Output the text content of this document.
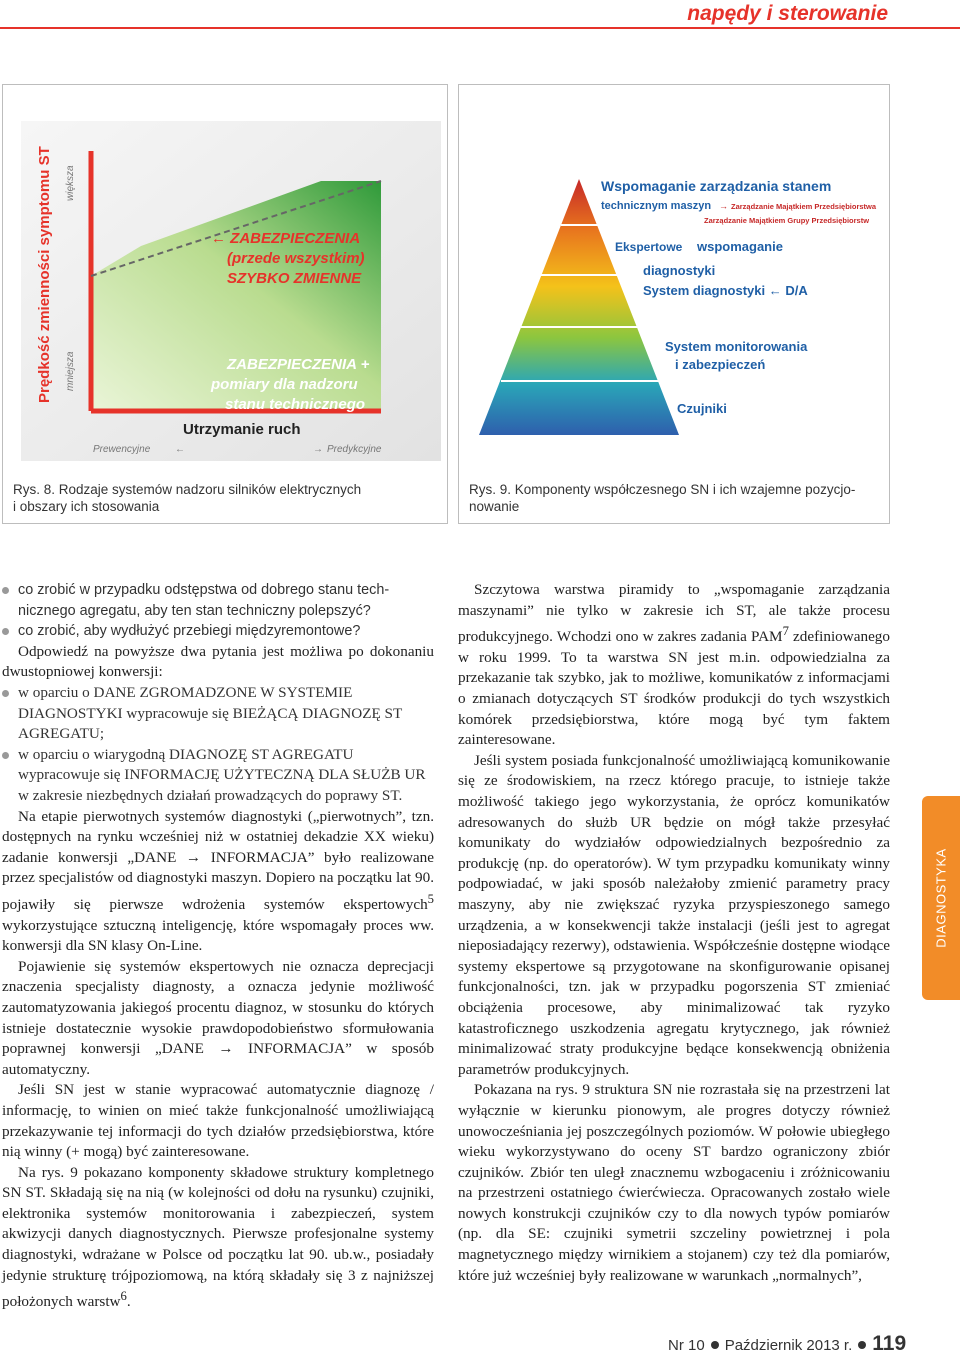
napędy i sterowanie
Prędkość zmienności symptomu ST większa
mniejsza
← ZABEZPIECZENIA
(przede wszystkim)
SZYBKO ZMIENNE
ZABEZPIECZENIA +
pomiary dla nadzoru
stanu technicznego
Utrzymanie ruch
Prewencyjne ←	→ Predykcyjne
Rys. 8. Rodzaje systemów nadzoru silników elektrycznych
i obszary ich stosowania
Wspomaganie zarządzania stanem
technicznym maszyn → Zarządzanie Majątkiem Przedsiębiorstwa
Zarządzanie Majątkiem Grupy Przedsiębiorstw
Ekspertowe wspomaganie
diagnostyki
System diagnostyki ← D/A
System monitorowania
i zabezpieczeń
Czujniki
Rys. 9. Komponenty współczesnego SN i ich wzajemne pozycjo-
nowanie
co zrobić w przypadku odstępstwa od dobrego stanu tech-nicznego agregatu, aby ten stan techniczny polepszyć?
co zrobić, aby wydłużyć przebiegi międzyremontowe?

Odpowiedź na powyższe dwa pytania jest możliwa po dokonaniu dwustopniowej konwersji:

w oparciu o DANE ZGROMADZONE W SYSTEMIE DIAGNOSTYKI wypracowuje się BIEŻĄCĄ DIAGNOZĘ ST AGREGATU;
w oparciu o wiarygodną DIAGNOZĘ ST AGREGATU wypracowuje się INFORMACJĘ UŻYTECZNĄ DLA SŁUŻB UR w zakresie niezbędnych działań prowadzących do poprawy ST.

Na etapie pierwotnych systemów diagnostyki („pierwotnych”, tzn. dostępnych na rynku wcześniej niż w ostatniej dekadzie XX wieku) zadanie konwersji „DANE → INFORMACJA” było realizowane przez specjalistów od diagnostyki maszyn. Dopiero na początku lat 90. pojawiły się pierwsze wdrożenia systemów ekspertowych$^5$ wykorzystujące sztuczną inteligencję, które wspomagały proces ww. konwersji dla SN klasy On-Line.

Pojawienie się systemów ekspertowych nie oznacza deprecjacji znaczenia specjalisty diagnosty, a oznacza jedynie możliwość zautomatyzowania jakiegoś procentu diagnoz, w stosunku do których istnieje dostatecznie wysokie prawdopodobieństwo sformułowania poprawnej konwersji „DANE → INFORMACJA” w sposób automatyczny.

Jeśli SN jest w stanie wypracować automatycznie diagnozę / informację, to winien on mieć także funkcjonalność umożliwiającą przekazywanie tej informacji do tych działów przedsiębiorstwa, które nią winny (+ mogą) być zainteresowane.

Na rys. 9 pokazano komponenty składowe struktury kompletnego SN ST. Składają się na nią (w kolejności od dołu na rysunku) czujniki, elektronika systemów monitorowania i zabezpieczeń, system akwizycji danych diagnostycznych. Pierwsze profesjonalne systemy diagnostyki, wdrażane w Polsce od początku lat 90. ub.w., posiadały jedynie strukturę trójpoziomową, na którą składały się 3 z najniższej położonych warstw$^6$.

Szczytowa warstwa piramidy to „wspomaganie zarządzania maszynami” nie tylko w zakresie ich ST, ale także procesu produkcyjnego. Wchodzi ono w zakres zadania PAM$^7$ zdefiniowanego w roku 1999. To ta warstwa SN jest m.in. odpowiedzialna za przekazanie tak szybko, jak to możliwe, komunikatów z informacjami o zmianach dotyczących ST środków produkcji do tych wszystkich komórek przedsiębiorstwa, które mogą być tym faktem zainteresowane.

Jeśli system posiada funkcjonalność umożliwiającą komunikowanie się ze środowiskiem, na rzecz którego pracuje, to istnieje także możliwość takiego jego wykorzystania, że oprócz komunikatów adresowanych do służb UR będzie on mógł także przesyłać komunikaty do wydziałów odpowiedzialnych bezpośrednio za produkcję (np. do operatorów). W tym przypadku komunikaty winny podpowiadać, w jaki sposób należałoby zmienić parametry pracy maszyny, aby nie zwiększać ryzyka przyspieszonego samego urządzenia, a w konsekwencji także instalacji (jeśli jest to agregat nieposiadający rezerwy), odstawienia. Współcześnie dostępne wiodące systemy ekspertowe są przygotowane na skonfigurowanie opisanej funkcjonalności, tzn. jak w przypadku pogorszenia ST zmieniać obciążenia procesowe, aby minimalizować tak ryzyko katastroficznego uszkodzenia agregatu krytycznego, jak również minimalizować straty produkcyjne będące konsekwencją obniżenia parametrów produkcyjnych.

Pokazana na rys. 9 struktura SN nie rozrastała się na przestrzeni lat wyłącznie w kierunku pionowym, ale progres dotyczy również unowocześniania jej poszczególnych poziomów. W połowie ubiegłego wieku wykorzystywano do oceny ST bardzo ograniczony zbiór czujników. Zbiór ten uległ znacznemu wzbogaceniu i zróżnicowaniu na przestrzeni ostatniego ćwierćwiecza. Opracowanych zostało wiele nowych konstrukcji czujników czy to dla nowych typów pomiarów (np. dla SE: czujniki symetrii szczeliny powietrznej i pola magnetycznego między wirnikiem a stojanem) czy też dla pomiarów, które już wcześniej były realizowane w warunkach „normalnych”,

DIAGNOSTYKA
Nr 10 Październik 2013 r. 119
